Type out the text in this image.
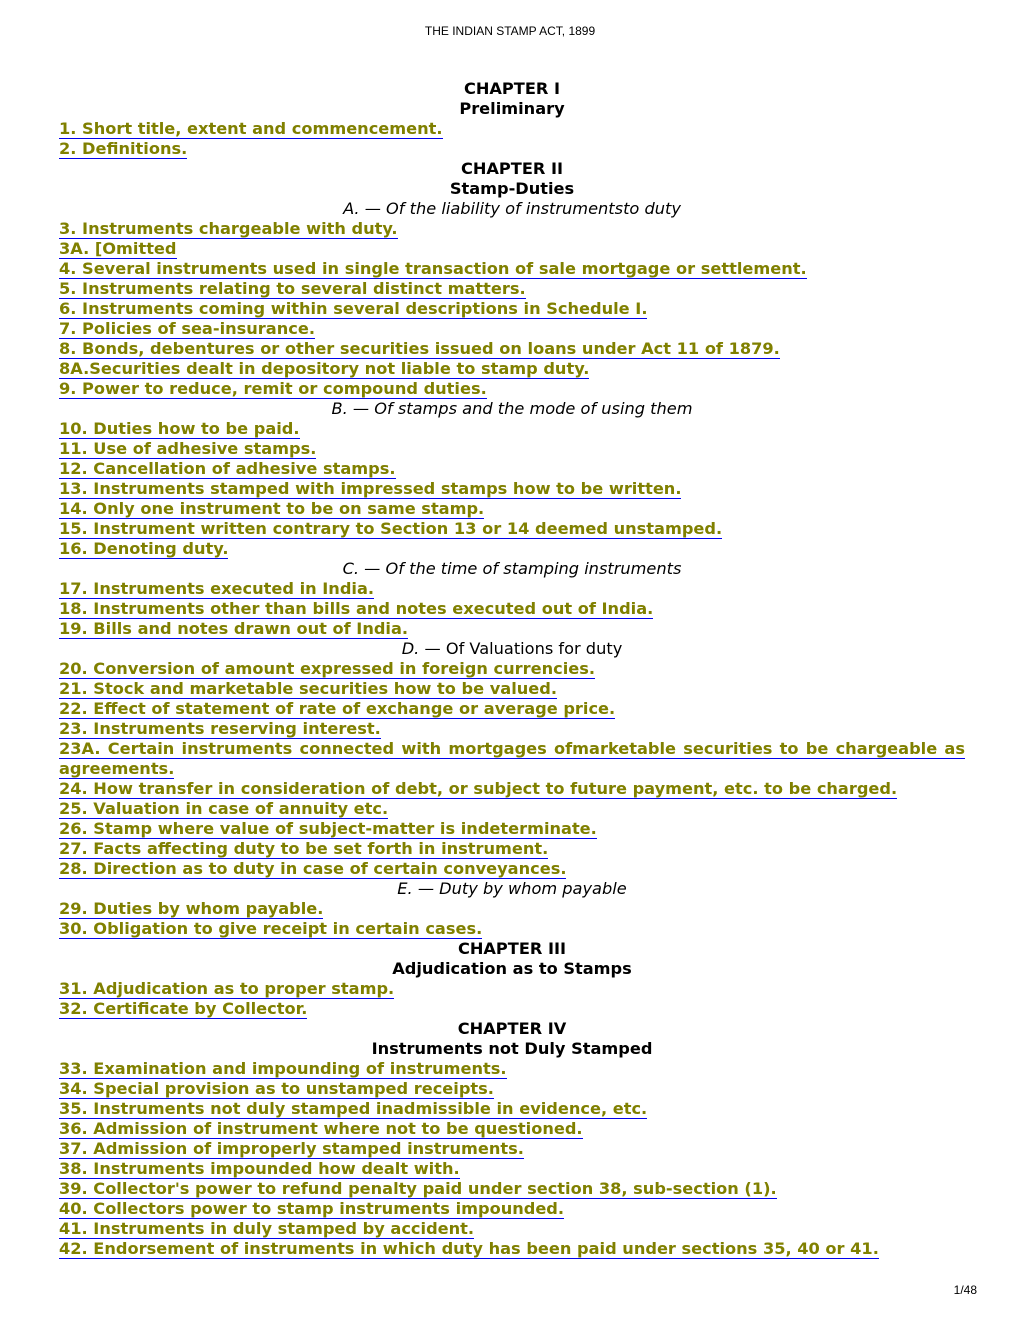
THE INDIAN STAMP ACT, 1899
CHAPTER I
Preliminary
1. Short title, extent and commencement.
2. Definitions.
CHAPTER II
Stamp-Duties
A. — Of the liability of instrumentsto duty
3. Instruments chargeable with duty.
3A. [Omitted
4. Several instruments used in single transaction of sale mortgage or settlement.
5. Instruments relating to several distinct matters.
6. Instruments coming within several descriptions in Schedule I.
7. Policies of sea-insurance.
8. Bonds, debentures or other securities issued on loans under Act 11 of 1879.
8A.Securities dealt in depository not liable to stamp duty.
9. Power to reduce, remit or compound duties.
B. — Of stamps and the mode of using them
10. Duties how to be paid.
11. Use of adhesive stamps.
12. Cancellation of adhesive stamps.
13. Instruments stamped with impressed stamps how to be written.
14. Only one instrument to be on same stamp.
15. Instrument written contrary to Section 13 or 14 deemed unstamped.
16. Denoting duty.
C. — Of the time of stamping instruments
17. Instruments executed in India.
18. Instruments other than bills and notes executed out of India.
19. Bills and notes drawn out of India.
D. — Of Valuations for duty
20. Conversion of amount expressed in foreign currencies.
21. Stock and marketable securities how to be valued.
22. Effect of statement of rate of exchange or average price.
23. Instruments reserving interest.
23A. Certain instruments connected with mortgages ofmarketable securities to be chargeable as agreements.
24. How transfer in consideration of debt, or subject to future payment, etc. to be charged.
25. Valuation in case of annuity etc.
26. Stamp where value of subject-matter is indeterminate.
27. Facts affecting duty to be set forth in instrument.
28. Direction as to duty in case of certain conveyances.
E. — Duty by whom payable
29. Duties by whom payable.
30. Obligation to give receipt in certain cases.
CHAPTER III
Adjudication as to Stamps
31. Adjudication as to proper stamp.
32. Certificate by Collector.
CHAPTER IV
Instruments not Duly Stamped
33. Examination and impounding of instruments.
34. Special provision as to unstamped receipts.
35. Instruments not duly stamped inadmissible in evidence, etc.
36. Admission of instrument where not to be questioned.
37. Admission of improperly stamped instruments.
38. Instruments impounded how dealt with.
39. Collector's power to refund penalty paid under section 38, sub-section (1).
40. Collectors power to stamp instruments impounded.
41. Instruments in duly stamped by accident.
42. Endorsement of instruments in which duty has been paid under sections 35, 40 or 41.
1/48
